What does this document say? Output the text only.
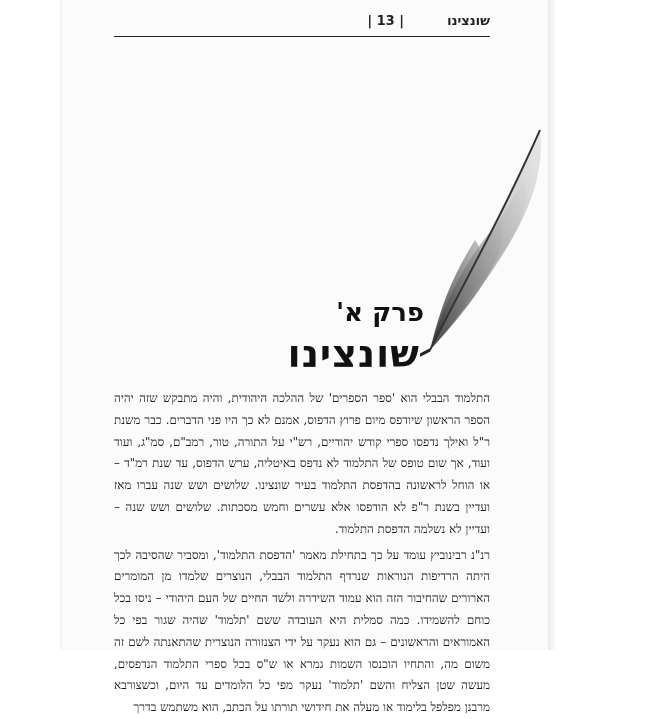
שונצינו
| 13 |
פרק א'
שונצינו

התלמוד הבבלי הוא 'ספר הספרים' של ההלכה היהודית, והיה מתבקש שזה יהיה הספר הראשון שיודפס מיום פרוץ הדפוס, אמנם לא כך היו פני הדברים. כבר משנת ר"ל ואילך נדפסו ספרי קודש יהודיים, רש"י על התורה, טור, רמב"ם, סמ"ג, ועוד ועוד, אך שום טופס של התלמוד לא נדפס באיטליה, ערש הדפוס, עד שנת רמ"ד – או הוחל לראשונה בהדפסת התלמוד בעיר שונצינו. שלושים ושש שנה עברו מאז ועדיין בשנת ר"פ לא הודפסו אלא עשרים וחמש מסכתות. שלושים ושש שנה – ועדיין לא נשלמה הדפסת התלמוד.

רנ"נ רבינוביץ עומד על כך בתחילת מאמר 'הדפסת התלמוד', ומסביר שהסיבה לכך היתה הרדיפות הנוראות שנרדף התלמוד הבבלי, הנוצרים שלמדו מן המומרים הארורים שהחיבור הזה הוא עמוד השידרה ולשד החיים של העם היהודי – ניסו בכל כוחם להשמידו. כמה סמלית היא העובדה ששם 'תלמוד' שהיה שגור בפי כל האמוראים והראשונים – גם הוא נעקר על ידי הצנזורה הנוצרית שהתאנתה לשם זה משום מה, והתחיו הוכנסו השמות גמרא או ש"ס בכל ספרי התלמוד הנדפסים, מעשה שטן הצליח והשם 'תלמוד' נעקר מפי כל הלומדים עד היום, וכשצורבא מרבנן מפלפל בלימוד או מעלה את חידושי תורתו על הכתב, הוא משתמש בדרך
